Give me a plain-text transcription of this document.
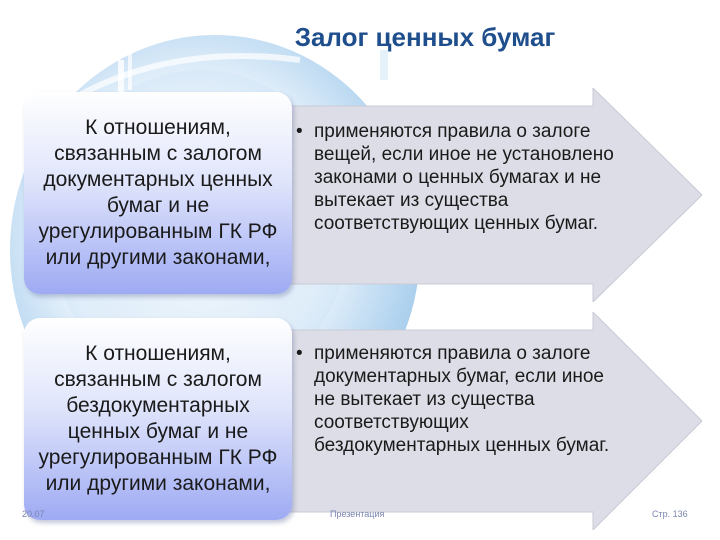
Залог ценных бумаг
К отношениям, связанным с залогом документарных ценных бумаг и не урегулированным ГК РФ или другими законами,
• применяются правила о залоге вещей, если иное не установлено законами о ценных бумагах и не вытекает из существа соответствующих ценных бумаг.
К отношениям, связанным с залогом бездокументарных ценных бумаг и не урегулированным ГК РФ или другими законами,
• применяются правила о залоге документарных бумаг, если иное не вытекает из существа соответствующих бездокументарных ценных бумаг.
20.07	Презентация	Стр. 136
